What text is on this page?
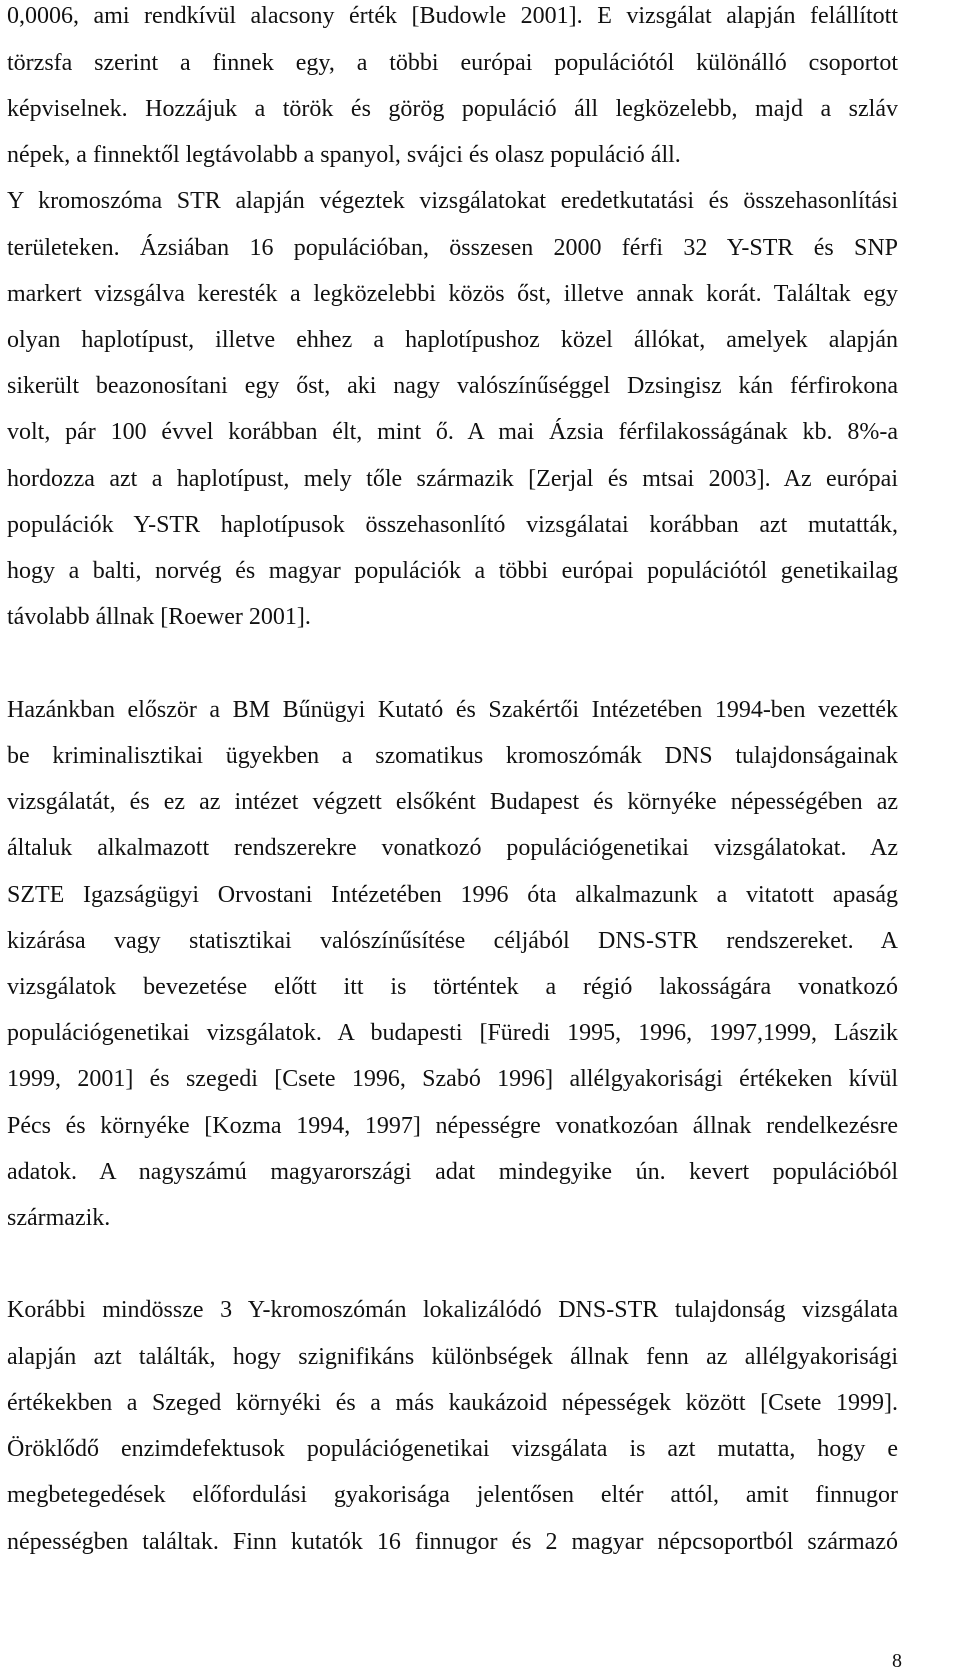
0,0006, ami rendkívül alacsony érték [Budowle 2001]. E vizsgálat alapján felállított
törzsfa szerint a finnek egy, a többi európai populációtól különálló csoportot
képviselnek. Hozzájuk a török és görög populáció áll legközelebb, majd a szláv
népek, a finnektől legtávolabb a spanyol, svájci és olasz populáció áll.
Y kromoszóma STR alapján végeztek vizsgálatokat eredetkutatási és összehasonlítási
területeken. Ázsiában 16 populációban, összesen 2000 férfi 32 Y-STR és SNP
markert vizsgálva keresték a legközelebbi közös őst, illetve annak korát. Találtak egy
olyan haplotípust, illetve ehhez a haplotípushoz közel állókat, amelyek alapján
sikerült beazonosítani egy őst, aki nagy valószínűséggel Dzsingisz kán férfirokona
volt, pár 100 évvel korábban élt, mint ő. A mai Ázsia férfilakosságának kb. 8%-a
hordozza azt a haplotípust, mely tőle származik [Zerjal és mtsai 2003]. Az európai
populációk Y-STR haplotípusok összehasonlító vizsgálatai korábban azt mutatták,
hogy a balti, norvég és magyar populációk a többi európai populációtól genetikailag
távolabb állnak [Roewer 2001].
Hazánkban először a BM Bűnügyi Kutató és Szakértői Intézetében 1994-ben vezették
be kriminalisztikai ügyekben a szomatikus kromoszómák DNS tulajdonságainak
vizsgálatát, és ez az intézet végzett elsőként Budapest és környéke népességében az
általuk alkalmazott rendszerekre vonatkozó populációgenetikai vizsgálatokat. Az
SZTE Igazságügyi Orvostani Intézetében 1996 óta alkalmazunk a vitatott apaság
kizárása vagy statisztikai valószínűsítése céljából DNS-STR rendszereket. A
vizsgálatok bevezetése előtt itt is történtek a régió lakosságára vonatkozó
populációgenetikai vizsgálatok. A budapesti [Füredi 1995, 1996, 1997,1999, Lászik
1999, 2001] és szegedi [Csete 1996, Szabó 1996] allélgyakorisági értékeken kívül
Pécs és környéke [Kozma 1994, 1997] népességre vonatkozóan állnak rendelkezésre
adatok. A nagyszámú magyarországi adat mindegyike ún. kevert populációból
származik.
Korábbi mindössze 3 Y-kromoszómán lokalizálódó DNS-STR tulajdonság vizsgálata
alapján azt találták, hogy szignifikáns különbségek állnak fenn az allélgyakorisági
értékekben a Szeged környéki és a más kaukázoid népességek között [Csete 1999].
Öröklődő enzimdefektusok populációgenetikai vizsgálata is azt mutatta, hogy e
megbetegedések előfordulási gyakorisága jelentősen eltér attól, amit finnugor
népességben találtak. Finn kutatók 16 finnugor és 2 magyar népcsoportból származó
8
